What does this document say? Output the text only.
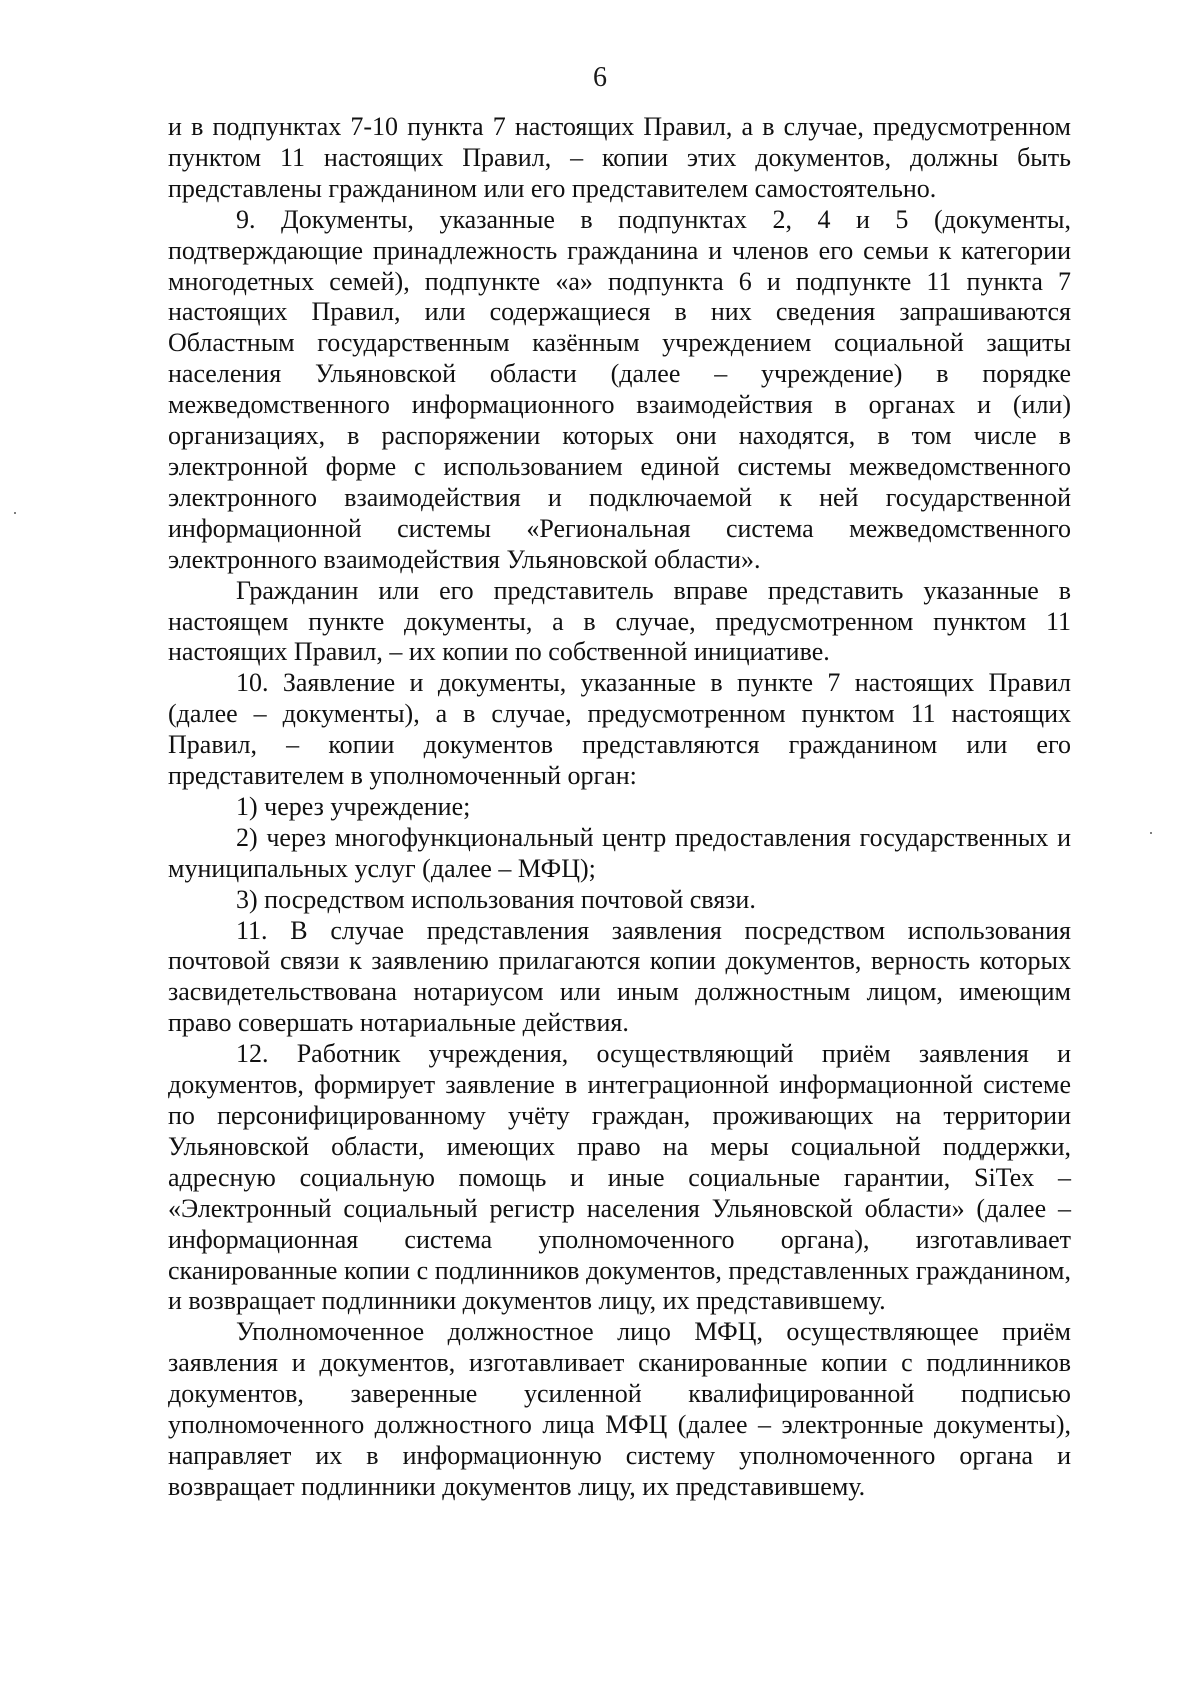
6

и в подпунктах 7-10 пункта 7 настоящих Правил, а в случае, предусмотренном пунктом 11 настоящих Правил, – копии этих документов, должны быть представлены гражданином или его представителем самостоятельно.

9. Документы, указанные в подпунктах 2, 4 и 5 (документы, подтверждающие принадлежность гражданина и членов его семьи к категории многодетных семей), подпункте «а» подпункта 6 и подпункте 11 пункта 7 настоящих Правил, или содержащиеся в них сведения запрашиваются Областным государственным казённым учреждением социальной защиты населения Ульяновской области (далее – учреждение) в порядке межведомственного информационного взаимодействия в органах и (или) организациях, в распоряжении которых они находятся, в том числе в электронной форме с использованием единой системы межведомственного электронного взаимодействия и подключаемой к ней государственной информационной системы «Региональная система межведомственного электронного взаимодействия Ульяновской области».

Гражданин или его представитель вправе представить указанные в настоящем пункте документы, а в случае, предусмотренном пунктом 11 настоящих Правил, – их копии по собственной инициативе.

10. Заявление и документы, указанные в пункте 7 настоящих Правил (далее – документы), а в случае, предусмотренном пунктом 11 настоящих Правил, – копии документов представляются гражданином или его представителем в уполномоченный орган:

1) через учреждение;

2) через многофункциональный центр предоставления государственных и муниципальных услуг (далее – МФЦ);

3) посредством использования почтовой связи.

11. В случае представления заявления посредством использования почтовой связи к заявлению прилагаются копии документов, верность которых засвидетельствована нотариусом или иным должностным лицом, имеющим право совершать нотариальные действия.

12. Работник учреждения, осуществляющий приём заявления и документов, формирует заявление в интеграционной информационной системе по персонифицированному учёту граждан, проживающих на территории Ульяновской области, имеющих право на меры социальной поддержки, адресную социальную помощь и иные социальные гарантии, SiTex – «Электронный социальный регистр населения Ульяновской области» (далее – информационная система уполномоченного органа), изготавливает сканированные копии с подлинников документов, представленных гражданином, и возвращает подлинники документов лицу, их представившему.

Уполномоченное должностное лицо МФЦ, осуществляющее приём заявления и документов, изготавливает сканированные копии с подлинников документов, заверенные усиленной квалифицированной подписью уполномоченного должностного лица МФЦ (далее – электронные документы), направляет их в информационную систему уполномоченного органа и возвращает подлинники документов лицу, их представившему.
